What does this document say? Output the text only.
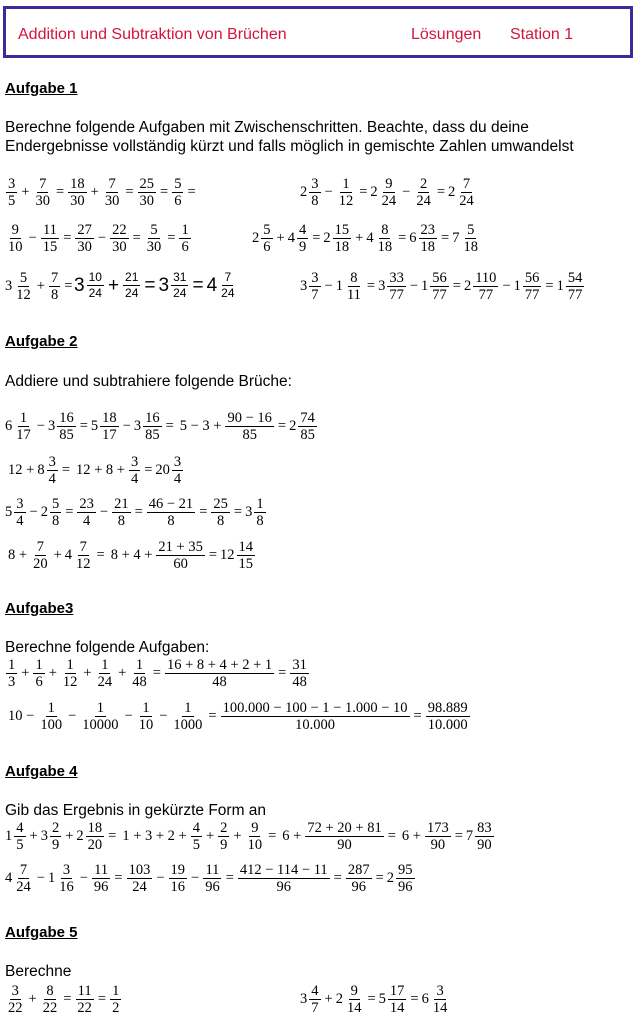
Addition und Subtraktion von Brüchen	Lösungen Station 1
Aufgabe 1
Berechne folgende Aufgaben mit Zwischenschritten. Beachte, dass du deine
Endergebnisse vollständig kürzt und falls möglich in gemischte Zahlen umwandelst
$\frac{3}{5} + \frac{7}{30} = \frac{18}{30} + \frac{7}{30} = \frac{25}{30} = \frac{5}{6}$ =	$2 \frac{3}{8} - \frac{1}{12} = 2 \frac{9}{24} - \frac{2}{24} = 2 \frac{7}{24}$
$\frac{9}{10} - \frac{11}{15} = \frac{27}{30} - \frac{22}{30} = \frac{5}{30} = \frac{1}{6}$	$2 \frac{5}{6} + 4 \frac{4}{9} = 2 \frac{15}{18} + 4 \frac{8}{18} = 6 \frac{23}{18} = 7 \frac{5}{18}$
$3 \frac{5}{12} + \frac{7}{8} = 3 \frac{10}{24} + \frac{21}{24} = 3 \frac{31}{24} = 4 \frac{7}{24}$	$3 \frac{3}{7} - 1 \frac{8}{11} = 3 \frac{33}{77} - 1 \frac{56}{77} = 2 \frac{110}{77} - 1 \frac{56}{77} = 1 \frac{54}{77}$
Aufgabe 2
Addiere und subtrahiere folgende Brüche:
$6 \frac{1}{17} - 3 \frac{16}{85} = 5 \frac{18}{17} - 3 \frac{16}{85} = 5 - 3 + \frac{90 - 16}{85} = 2 \frac{74}{85}$
$12 + 8 \frac{3}{4} = 12 + 8 + \frac{3}{4} = 20 \frac{3}{4}$
$5 \frac{3}{4} - 2 \frac{5}{8} = \frac{23}{4} - \frac{21}{8} = \frac{46 - 21}{8} = \frac{25}{8} = 3 \frac{1}{8}$
$8 + \frac{7}{20} + 4 \frac{7}{12} = 8 + 4 + \frac{21 + 35}{60} = 12 \frac{14}{15}$
Aufgabe3
Berechne folgende Aufgaben:
$\frac{1}{3} + \frac{1}{6} + \frac{1}{12} + \frac{1}{24} + \frac{1}{48} = \frac{16 + 8 + 4 + 2 + 1}{48} = \frac{31}{48}$
$10 - \frac{1}{100} - \frac{1}{10000} - \frac{1}{10} - \frac{1}{1000} = \frac{100.000 - 100 - 1 - 1.000 - 10}{10.000} = \frac{98.889}{10.000}$
Aufgabe 4
Gib das Ergebnis in gekürzte Form an
$1 \frac{4}{5} + 3 \frac{2}{9} + 2 \frac{18}{20} = 1 + 3 + 2 + \frac{4}{5} + \frac{2}{9} + \frac{9}{10} = 6 + \frac{72 + 20 + 81}{90} = 6 + \frac{173}{90} = 7 \frac{83}{90}$
$4 \frac{7}{24} - 1 \frac{3}{16} - \frac{11}{96} = \frac{103}{24} - \frac{19}{16} - \frac{11}{96} = \frac{412 - 114 - 11}{96} = \frac{287}{96} = 2 \frac{95}{96}$
Aufgabe 5
Berechne
$\frac{3}{22} + \frac{8}{22} = \frac{11}{22} = \frac{1}{2}$	$3 \frac{4}{7} + 2 \frac{9}{14} = 5 \frac{17}{14} = 6 \frac{3}{14}$
